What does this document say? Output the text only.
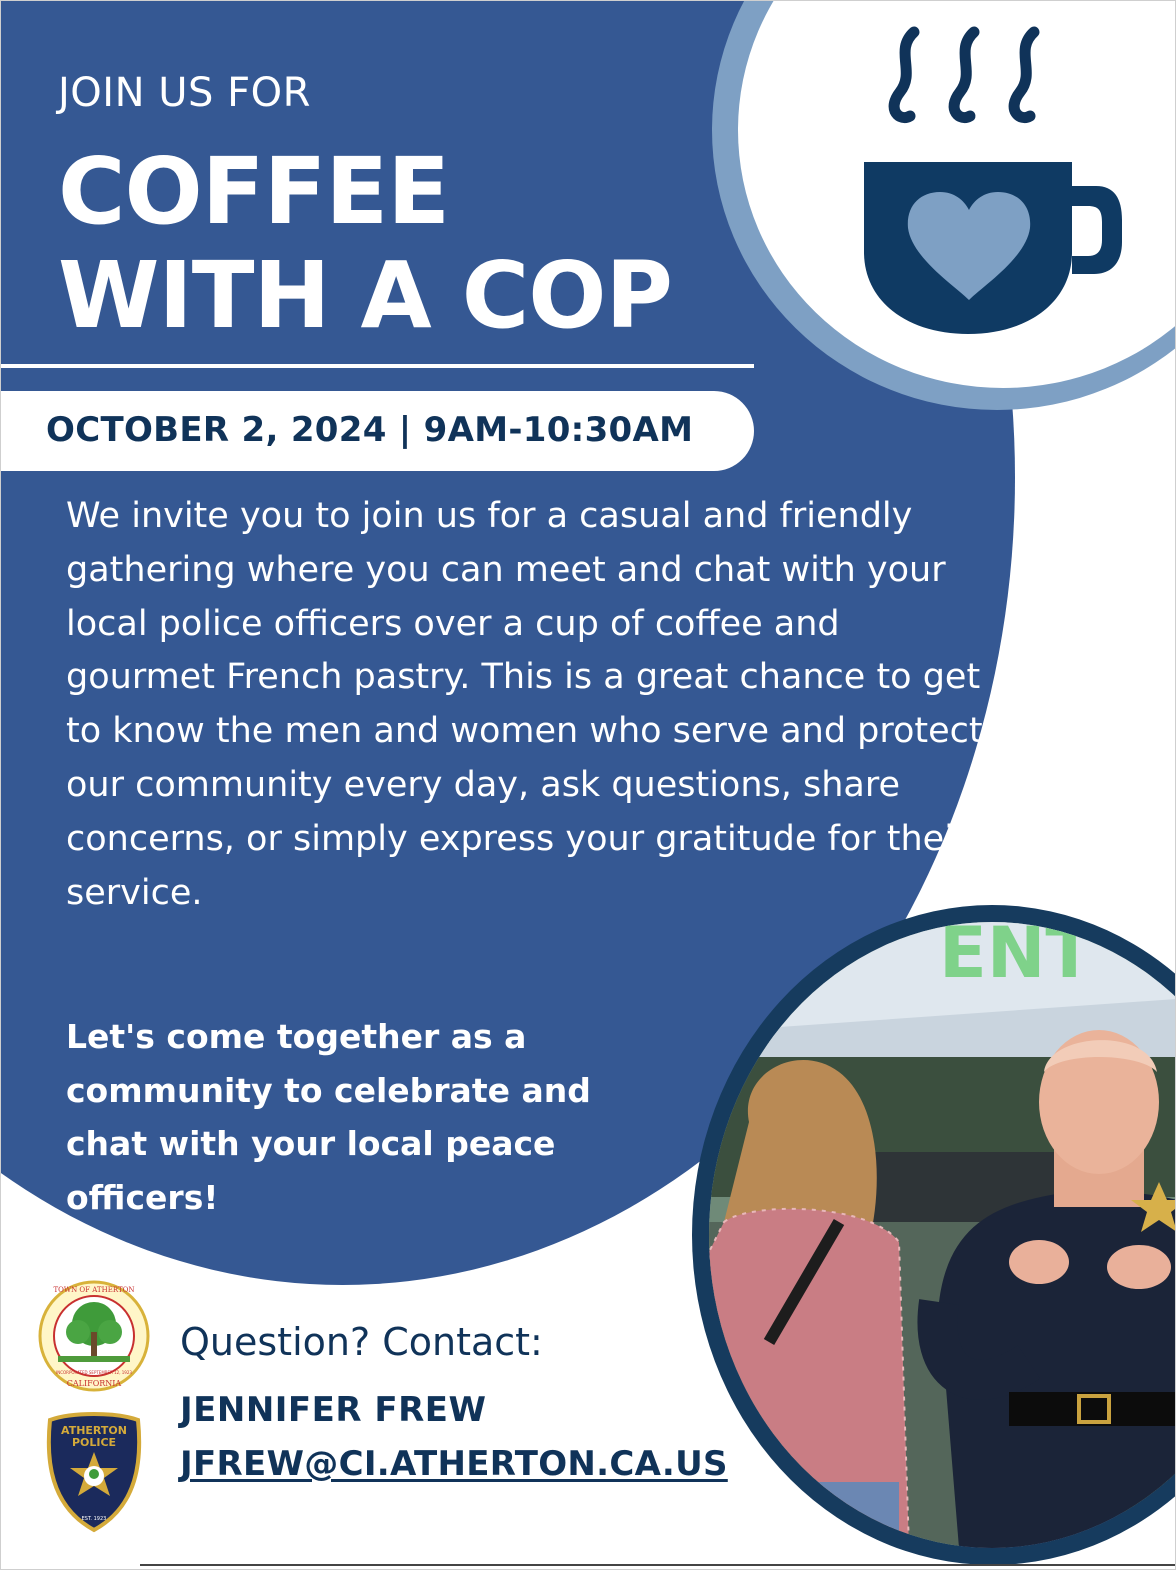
JOIN US FOR
COFFEE
WITH A COP
OCTOBER 2, 2024 | 9AM-10:30AM

We invite you to join us for a casual and friendly gathering where you can meet and chat with your local police officers over a cup of coffee and gourmet French pastry. This is a great chance to get to know the men and women who serve and protect our community every day, ask questions, share concerns, or simply express your gratitude for their service.

Let's come together as a community to celebrate and chat with your local peace officers!

ENT
TOWN OF ATHERTON
CALIFORNIA
INCORPORATED SEPTEMBER 12, 1923
ATHERTON
POLICE
EST. 1923
Question? Contact:
JENNIFER FREW
JFREW@CI.ATHERTON.CA.US
